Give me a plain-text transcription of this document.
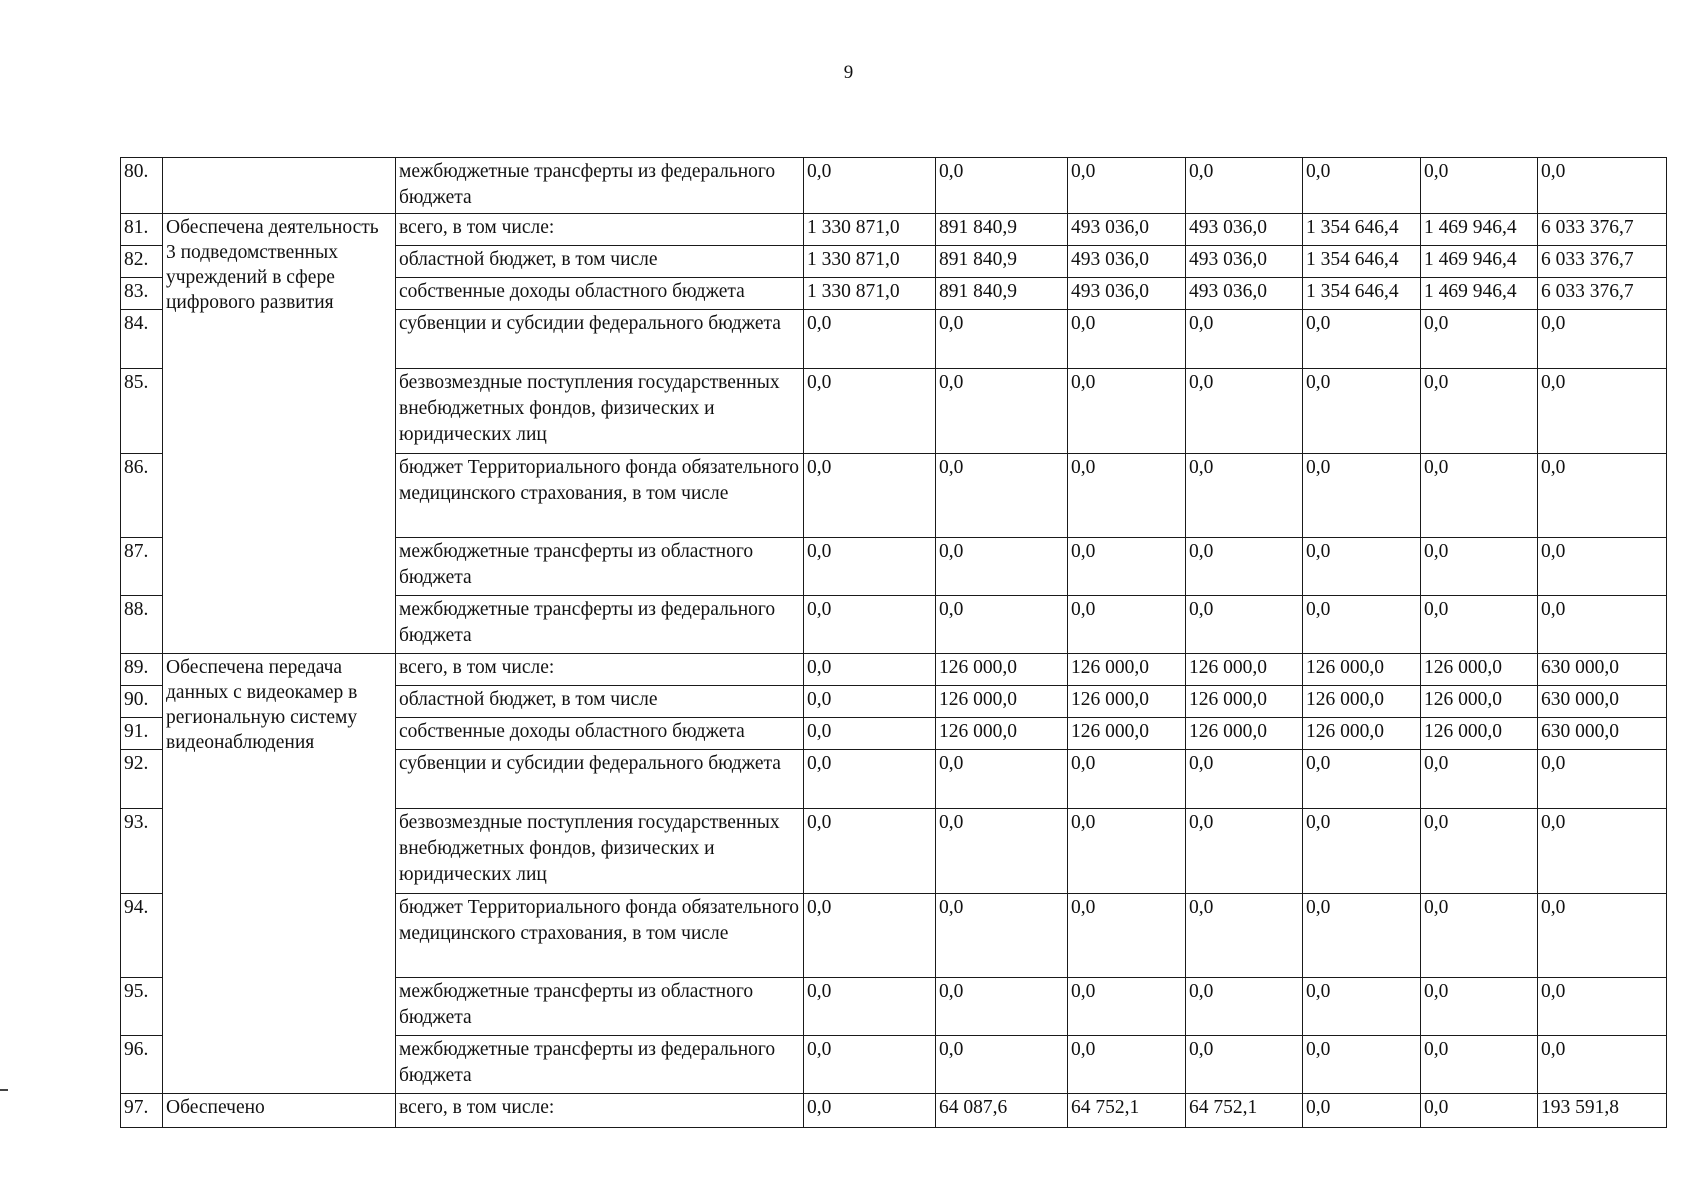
9
80.		межбюджетные трансферты из федерального бюджета	0,0	0,0	0,0	0,0	0,0	0,0	0,0
81.	Обеспечена деятельность 3 подведомственных учреждений в сфере цифрового развития	всего, в том числе:	1 330 871,0	891 840,9	493 036,0	493 036,0	1 354 646,4	1 469 946,4	6 033 376,7
82.		областной бюджет, в том числе	1 330 871,0	891 840,9	493 036,0	493 036,0	1 354 646,4	1 469 946,4	6 033 376,7
83.		собственные доходы областного бюджета	1 330 871,0	891 840,9	493 036,0	493 036,0	1 354 646,4	1 469 946,4	6 033 376,7
84.		субвенции и субсидии федерального бюджета	0,0	0,0	0,0	0,0	0,0	0,0	0,0
85.		безвозмездные поступления государственных внебюджетных фондов, физических и юридических лиц	0,0	0,0	0,0	0,0	0,0	0,0	0,0
86.		бюджет Территориального фонда обязательного медицинского страхования, в том числе	0,0	0,0	0,0	0,0	0,0	0,0	0,0
87.		межбюджетные трансферты из областного бюджета	0,0	0,0	0,0	0,0	0,0	0,0	0,0
88.		межбюджетные трансферты из федерального бюджета	0,0	0,0	0,0	0,0	0,0	0,0	0,0
89.	Обеспечена передача данных с видеокамер в региональную систему видеонаблюдения	всего, в том числе:	0,0	126 000,0	126 000,0	126 000,0	126 000,0	126 000,0	630 000,0
90.		областной бюджет, в том числе	0,0	126 000,0	126 000,0	126 000,0	126 000,0	126 000,0	630 000,0
91.		собственные доходы областного бюджета	0,0	126 000,0	126 000,0	126 000,0	126 000,0	126 000,0	630 000,0
92.		субвенции и субсидии федерального бюджета	0,0	0,0	0,0	0,0	0,0	0,0	0,0
93.		безвозмездные поступления государственных внебюджетных фондов, физических и юридических лиц	0,0	0,0	0,0	0,0	0,0	0,0	0,0
94.		бюджет Территориального фонда обязательного медицинского страхования, в том числе	0,0	0,0	0,0	0,0	0,0	0,0	0,0
95.		межбюджетные трансферты из областного бюджета	0,0	0,0	0,0	0,0	0,0	0,0	0,0
96.		межбюджетные трансферты из федерального бюджета	0,0	0,0	0,0	0,0	0,0	0,0	0,0
97.	Обеспечено	всего, в том числе:	0,0	64 087,6	64 752,1	64 752,1	0,0	0,0	193 591,8
